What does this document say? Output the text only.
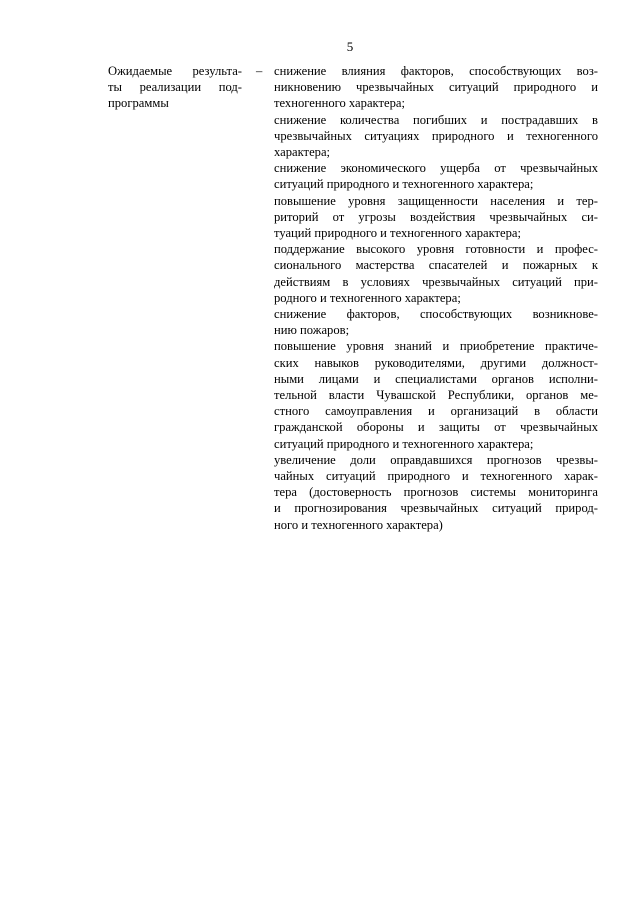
5
Ожидаемые результа-
ты реализации под-
программы
– снижение влияния факторов, способствующих воз-
никновению чрезвычайных ситуаций природного и
техногенного характера;
снижение количества погибших и пострадавших в
чрезвычайных ситуациях природного и техногенного
характера;
снижение экономического ущерба от чрезвычайных
ситуаций природного и техногенного характера;
повышение уровня защищенности населения и тер-
риторий от угрозы воздействия чрезвычайных си-
туаций природного и техногенного характера;
поддержание высокого уровня готовности и профес-
сионального мастерства спасателей и пожарных к
действиям в условиях чрезвычайных ситуаций при-
родного и техногенного характера;
снижение факторов, способствующих возникнове-
нию пожаров;
повышение уровня знаний и приобретение практиче-
ских навыков руководителями, другими должност-
ными лицами и специалистами органов исполни-
тельной власти Чувашской Республики, органов ме-
стного самоуправления и организаций в области
гражданской обороны и защиты от чрезвычайных
ситуаций природного и техногенного характера;
увеличение доли оправдавшихся прогнозов чрезвы-
чайных ситуаций природного и техногенного харак-
тера (достоверность прогнозов системы мониторинга
и прогнозирования чрезвычайных ситуаций природ-
ного и техногенного характера)
